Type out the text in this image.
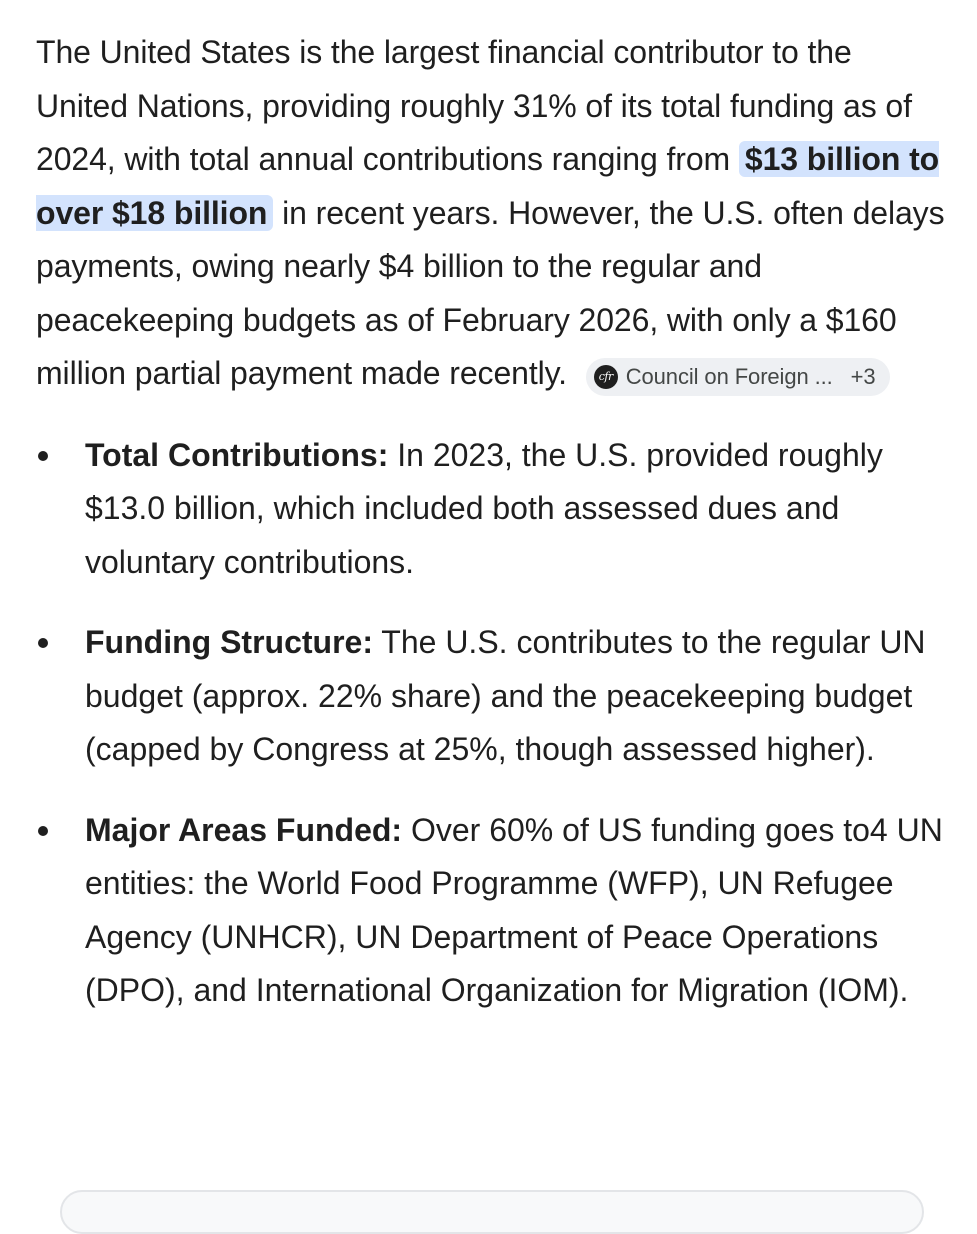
The United States is the largest financial contributor to the United Nations, providing roughly 31% of its total funding as of 2024, with total annual contributions ranging from $13 billion to over $18 billion in recent years. However, the U.S. often delays payments, owing nearly $4 billion to the regular and peacekeeping budgets as of February 2026, with only a $160 million partial payment made recently.	cfr Council on Foreign ... +3

Total Contributions: In 2023, the U.S. provided roughly $13.0 billion, which included both assessed dues and voluntary contributions.
Funding Structure: The U.S. contributes to the regular UN budget (approx. 22% share) and the peacekeeping budget (capped by Congress at 25%, though assessed higher).
Major Areas Funded: Over 60% of US funding goes to4 UN entities: the World Food Programme (WFP), UN Refugee Agency (UNHCR), UN Department of Peace Operations (DPO), and International Organization for Migration (IOM).
